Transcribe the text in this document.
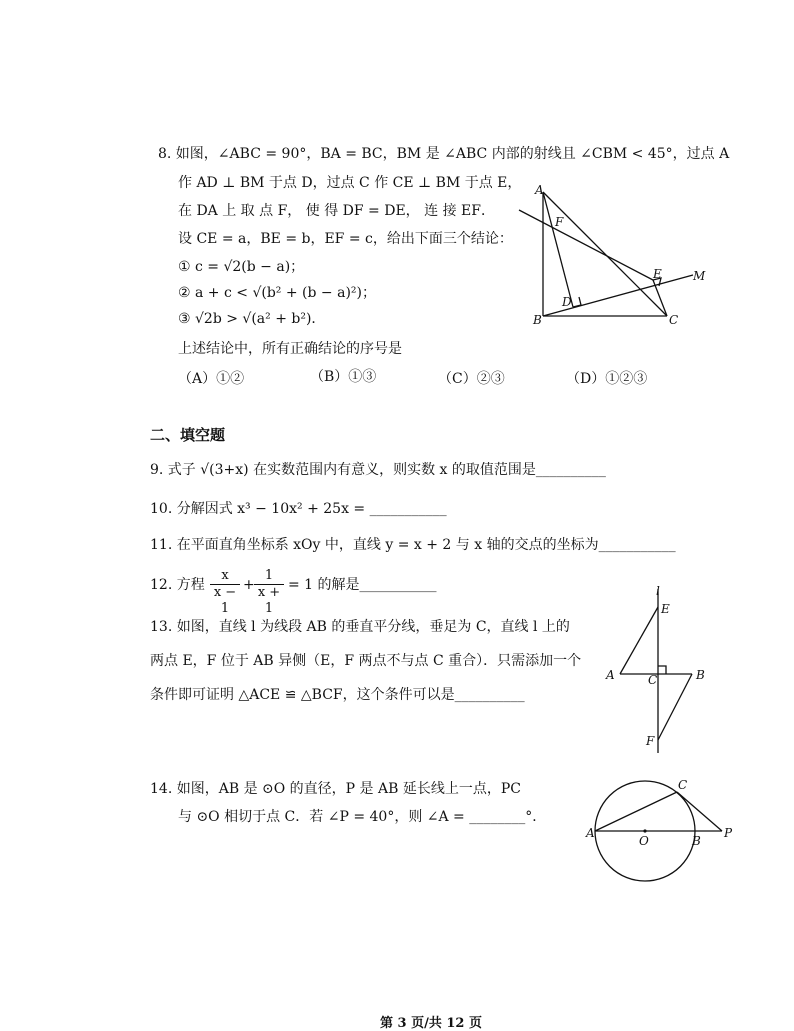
8. 如图，∠ABC = 90°，BA = BC，BM 是 ∠ABC 内部的射线且 ∠CBM < 45°，过点 A
作 AD ⊥ BM 于点 D，过点 C 作 CE ⊥ BM 于点 E，
在 DA 上 取 点 F， 使 得 DF = DE， 连 接 EF．
设 CE = a，BE = b，EF = c，给出下面三个结论：
① c = √2(b − a)；
② a + c < √(b² + (b − a)²)；
③ √2b > √(a² + b²)．
上述结论中，所有正确结论的序号是
（A）①②	（B）①③	（C）②③	（D）①②③
A
F
E	M
D
B	C
二、填空题
9. 式子 √(3+x) 在实数范围内有意义，则实数 x 的取值范围是__________
10. 分解因式 x³ − 10x² + 25x = ___________
11. 在平面直角坐标系 xOy 中，直线 y = x + 2 与 x 轴的交点的坐标为___________
12. 方程 $\frac{x}{x - 1} + \frac{1}{x + 1} = 1$ 的解是___________
13. 如图，直线 l 为线段 AB 的垂直平分线，垂足为 C，直线 l 上的
两点 E，F 位于 AB 异侧（E，F 两点不与点 C 重合）．只需添加一个
条件即可证明 △ACE ≌ △BCF，这个条件可以是__________
l
E
A	C	B
F
14. 如图，AB 是 ⊙O 的直径，P 是 AB 延长线上一点，PC
与 ⊙O 相切于点 C．若 ∠P = 40°，则 ∠A = ________°．
A
O	B
C
P
第 3 页/共 12 页
